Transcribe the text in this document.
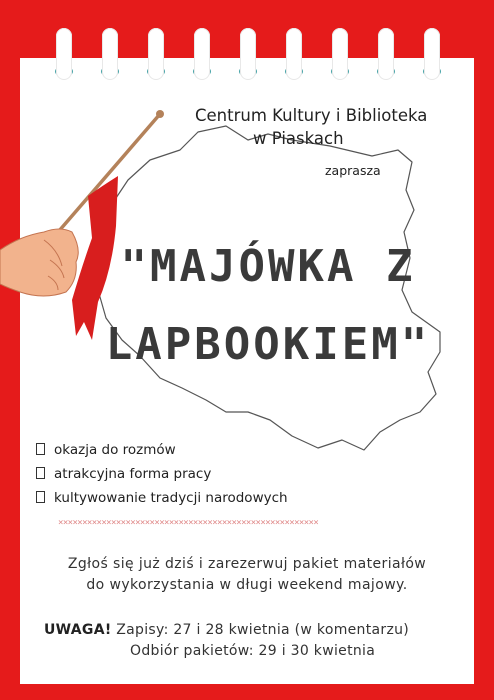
Centrum Kultury i Biblioteka
w Piaskach
zaprasza
"MAJÓWKA Z
LAPBOOKIEM"
okazja do rozmów
atrakcyjna forma pracy
kultywowanie tradycji narodowych
××××××××××××××××××××××××××××××××××××××××××××××××××××××
Zgłoś się już dziś i zarezerwuj pakiet materiałów
do wykorzystania w długi weekend majowy.
UWAGA! Zapisy: 27 i 28 kwietnia (w komentarzu)
Odbiór pakietów: 29 i 30 kwietnia
